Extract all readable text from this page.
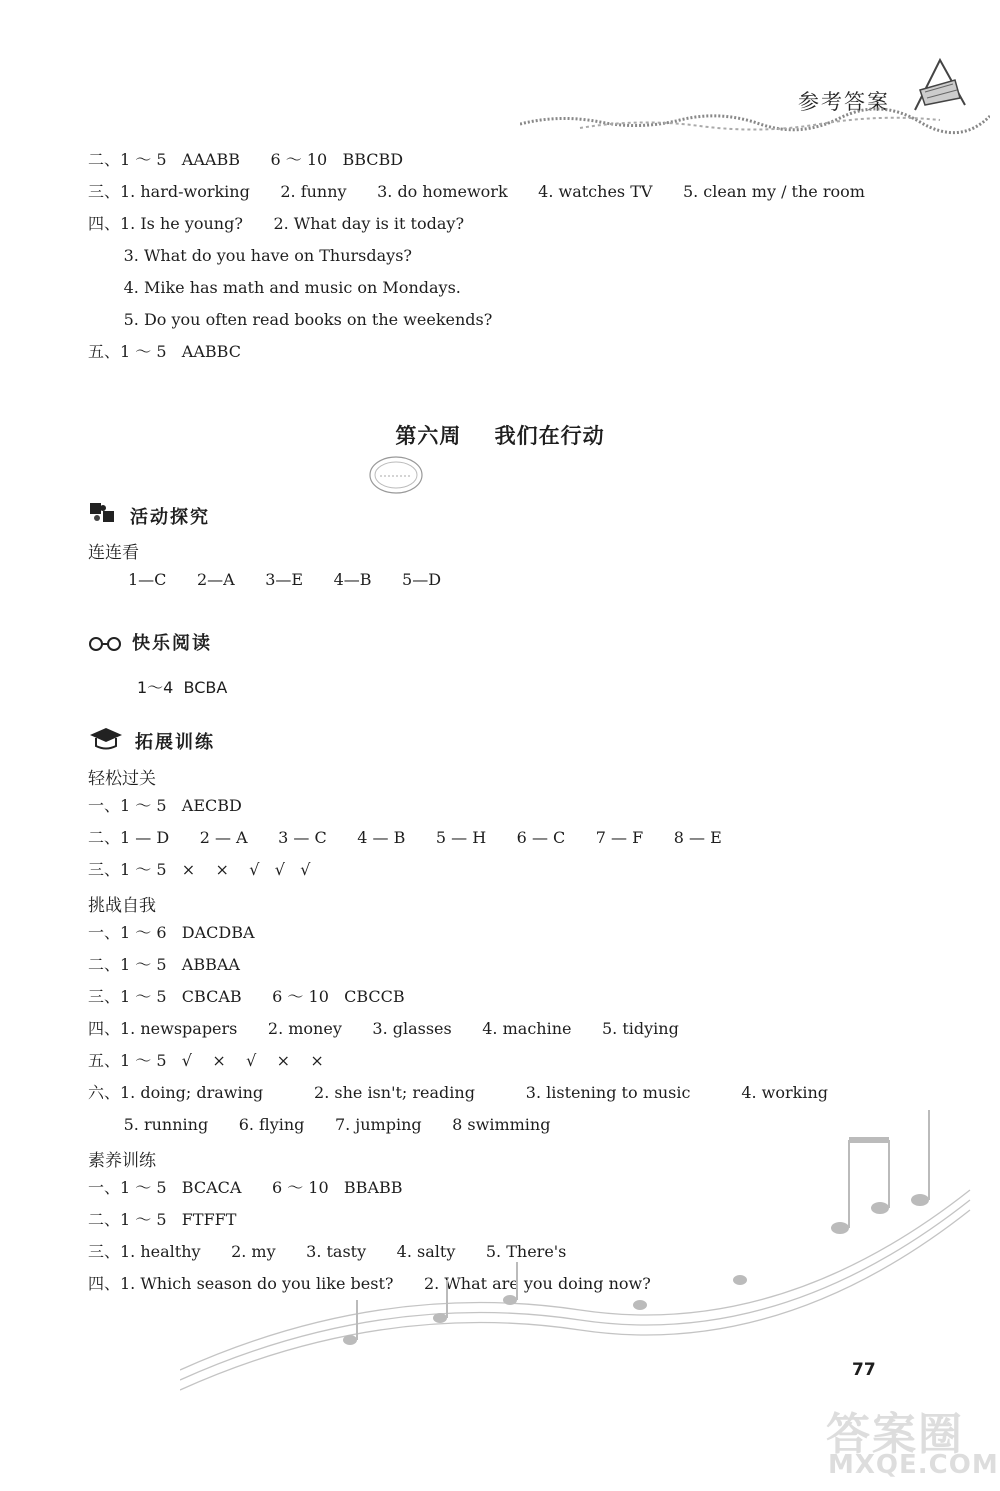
参考答案
二、1 ～ 5   AAABB      6 ～ 10   BBCBD
三、1. hard-working      2. funny      3. do homework      4. watches TV      5. clean my / the room
四、1. Is he young?      2. What day is it today?
3. What do you have on Thursdays?
4. Mike has math and music on Mondays.
5. Do you often read books on the weekends?
五、1 ～ 5   AABBC
第六周    我们在行动
活动探究
连连看
1—C      2—A      3—E      4—B      5—D
快乐阅读
1～4  BCBA
拓展训练
轻松过关
一、1 ～ 5   AECBD
二、1 — D      2 — A      3 — C      4 — B      5 — H      6 — C      7 — F      8 — E
三、1 ～ 5   ×    ×    √   √   √
挑战自我
一、1 ～ 6   DACDBA
二、1 ～ 5   ABBAA
三、1 ～ 5   CBCAB      6 ～ 10   CBCCB
四、1. newspapers      2. money      3. glasses      4. machine      5. tidying
五、1 ～ 5   √    ×    √    ×    ×
六、1. doing; drawing          2. she isn't; reading          3. listening to music          4. working
5. running      6. flying      7. jumping      8 swimming
素养训练
一、1 ～ 5   BCACA      6 ～ 10   BBABB
二、1 ～ 5   FTFFT
三、1. healthy      2. my      3. tasty      4. salty      5. There's
四、1. Which season do you like best?      2. What are you doing now?
77
答案圈
MXQE.COM
